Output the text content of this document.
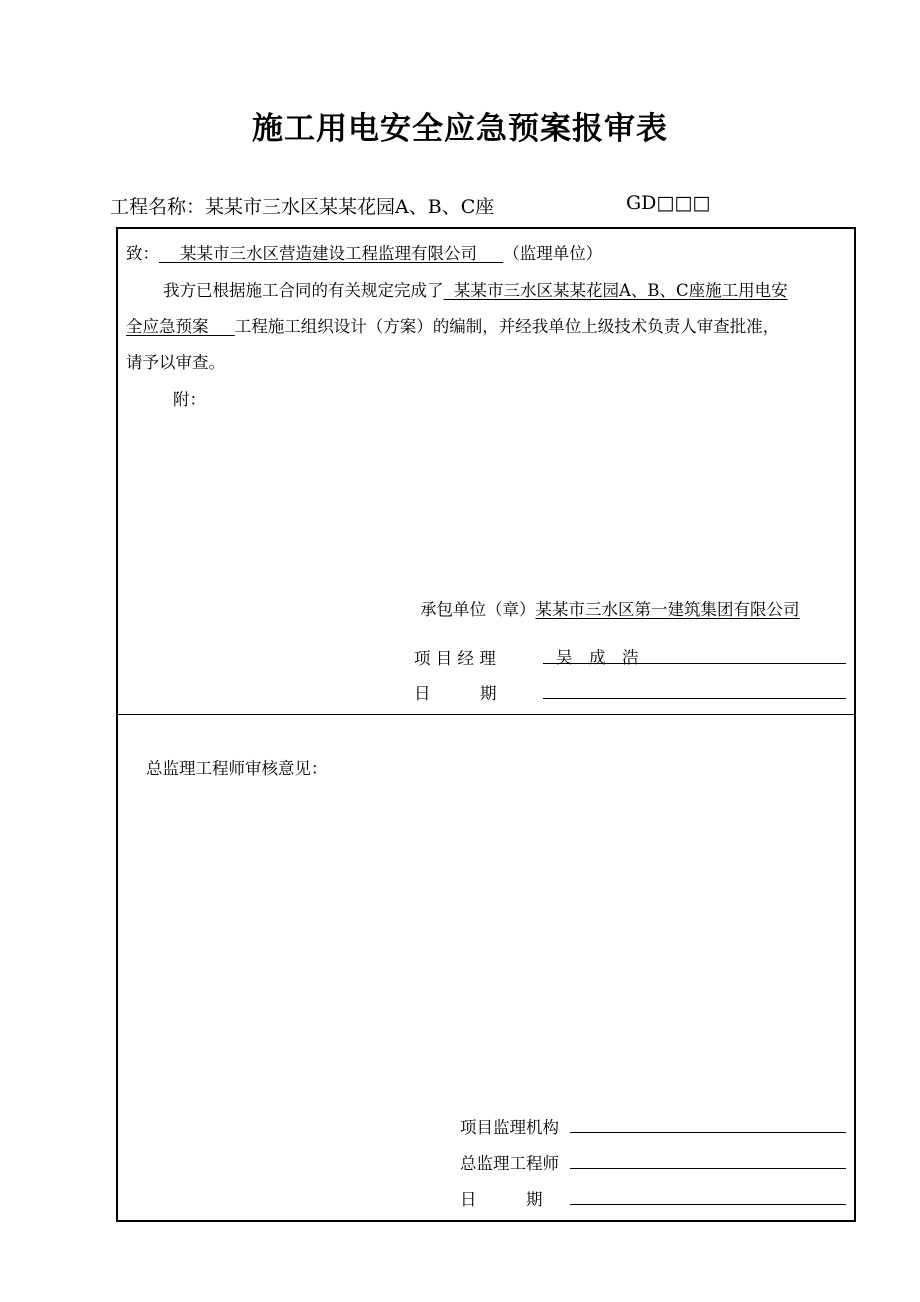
施工用电安全应急预案报审表
工程名称：某某市三水区某某花园A、B、C座	GD□□□
致： 某某市三水区营造建设工程监理有限公司 （监理单位）
我方已根据施工合同的有关规定完成了 某某市三水区某某花园A、B、C座施工用电安
全应急预案 工程施工组织设计（方案）的编制，并经我单位上级技术负责人审查批准，
请予以审查。
附：
承包单位（章）某某市三水区第一建筑集团有限公司
项 目 经 理	吴　成　浩
日　　　期
总监理工程师审核意见：
项目监理机构
总监理工程师
日　　　期
